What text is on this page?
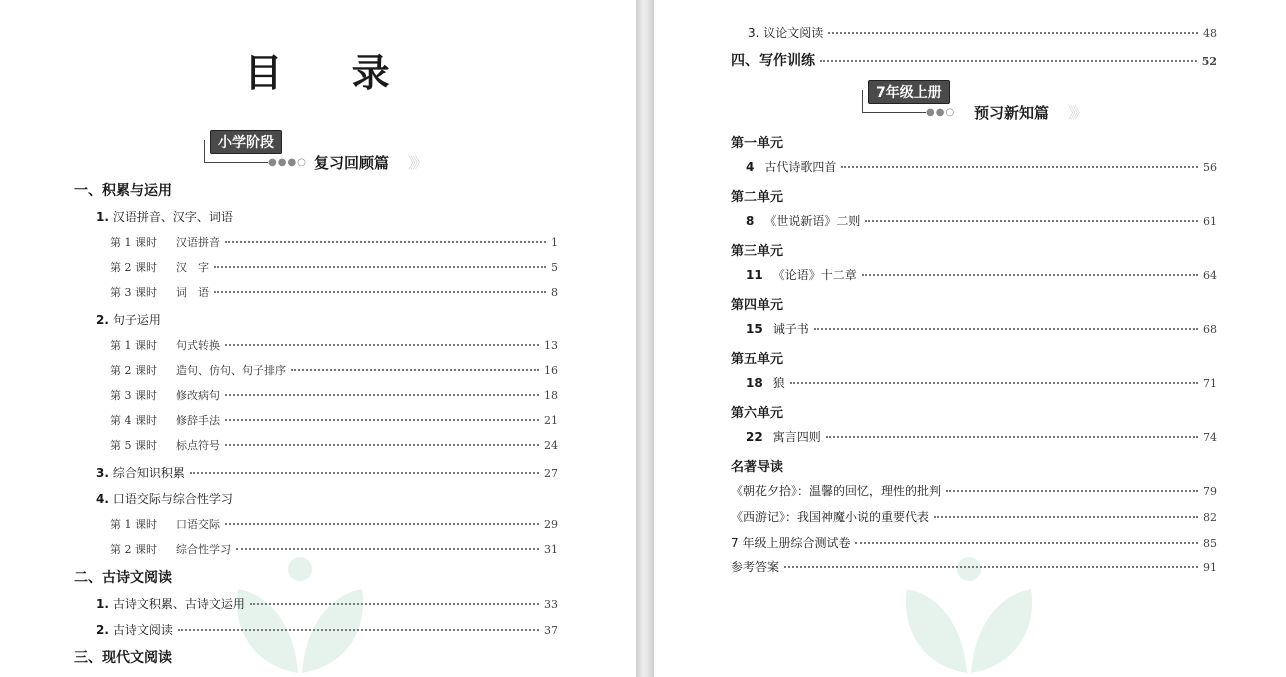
目 录
小学阶段
●●●○ 复习回顾篇 》》
一、积累与运用
1. 汉语拼音、汉字、词语
第 1 课时 汉语拼音	1
第 2 课时 汉　字	5
第 3 课时 词　语	8
2. 句子运用
第 1 课时 句式转换	13
第 2 课时 造句、仿句、句子排序	16
第 3 课时 修改病句	18
第 4 课时 修辞手法	21
第 5 课时 标点符号	24
3. 综合知识积累	27
4. 口语交际与综合性学习
第 1 课时 口语交际	29
第 2 课时 综合性学习	31
二、古诗文阅读
1. 古诗文积累、古诗文运用	33
2. 古诗文阅读	37
三、现代文阅读
7年级上册
●●○ 预习新知篇 》》
3. 议论文阅读	48
四、写作训练	52
第一单元
4 古代诗歌四首	56
第二单元
8 《世说新语》二则	61
第三单元
11 《论语》十二章	64
第四单元
15 诫子书	68
第五单元
18 狼	71
第六单元
22 寓言四则	74
名著导读
《朝花夕拾》：温馨的回忆，理性的批判	79
《西游记》：我国神魔小说的重要代表	82
7 年级上册综合测试卷	85
参考答案	91
